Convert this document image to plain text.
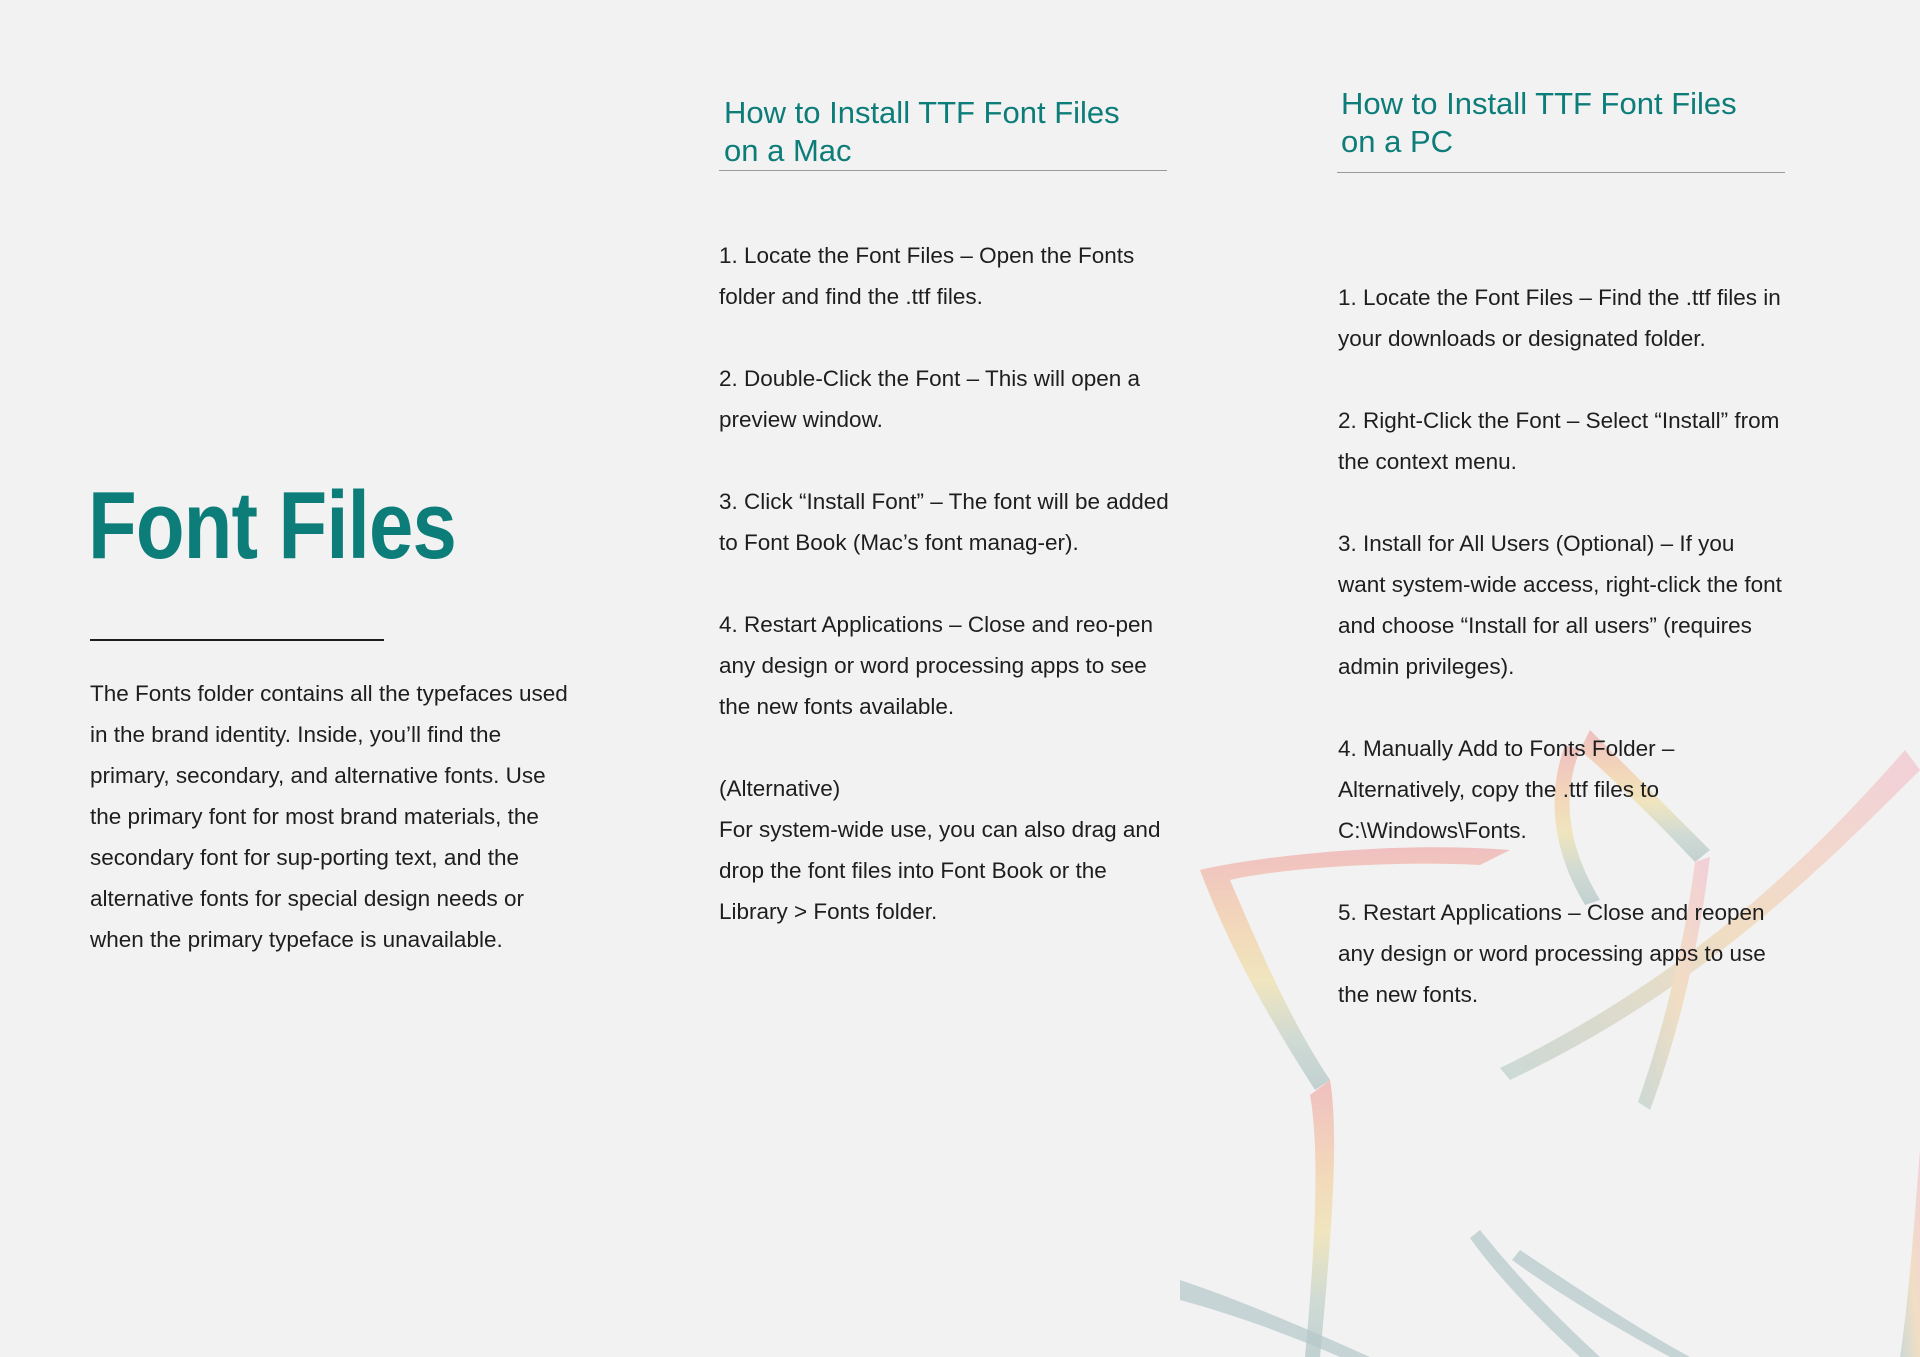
Font Files

The Fonts folder contains all the typefaces used in the brand identity. Inside, you’ll find the primary, secondary, and alternative fonts. Use the primary font for most brand materials, the secondary font for sup-porting text, and the alternative fonts for special design needs or when the primary typeface is unavailable.

How to Install TTF Font Files
on a Mac

1. Locate the Font Files – Open the Fonts folder and find the .ttf files.

2. Double-Click the Font – This will open a preview window.

3. Click “Install Font” – The font will be added to Font Book (Mac’s font manag-er).

4. Restart Applications – Close and reo-pen any design or word processing apps to see the new fonts available.

(Alternative)

For system-wide use, you can also drag and drop the font files into Font Book or the Library > Fonts folder.

How to Install TTF Font Files
on a PC

1. Locate the Font Files – Find the .ttf files in your downloads or designated folder.

2. Right-Click the Font – Select “Install” from the context menu.

3. Install for All Users (Optional) – If you want system-wide access, right-click the font and choose “Install for all users” (requires admin privileges).

4. Manually Add to Fonts Folder – Alternatively, copy the .ttf files to C:\Windows\Fonts.

5. Restart Applications – Close and reopen any design or word processing apps to use the new fonts.
